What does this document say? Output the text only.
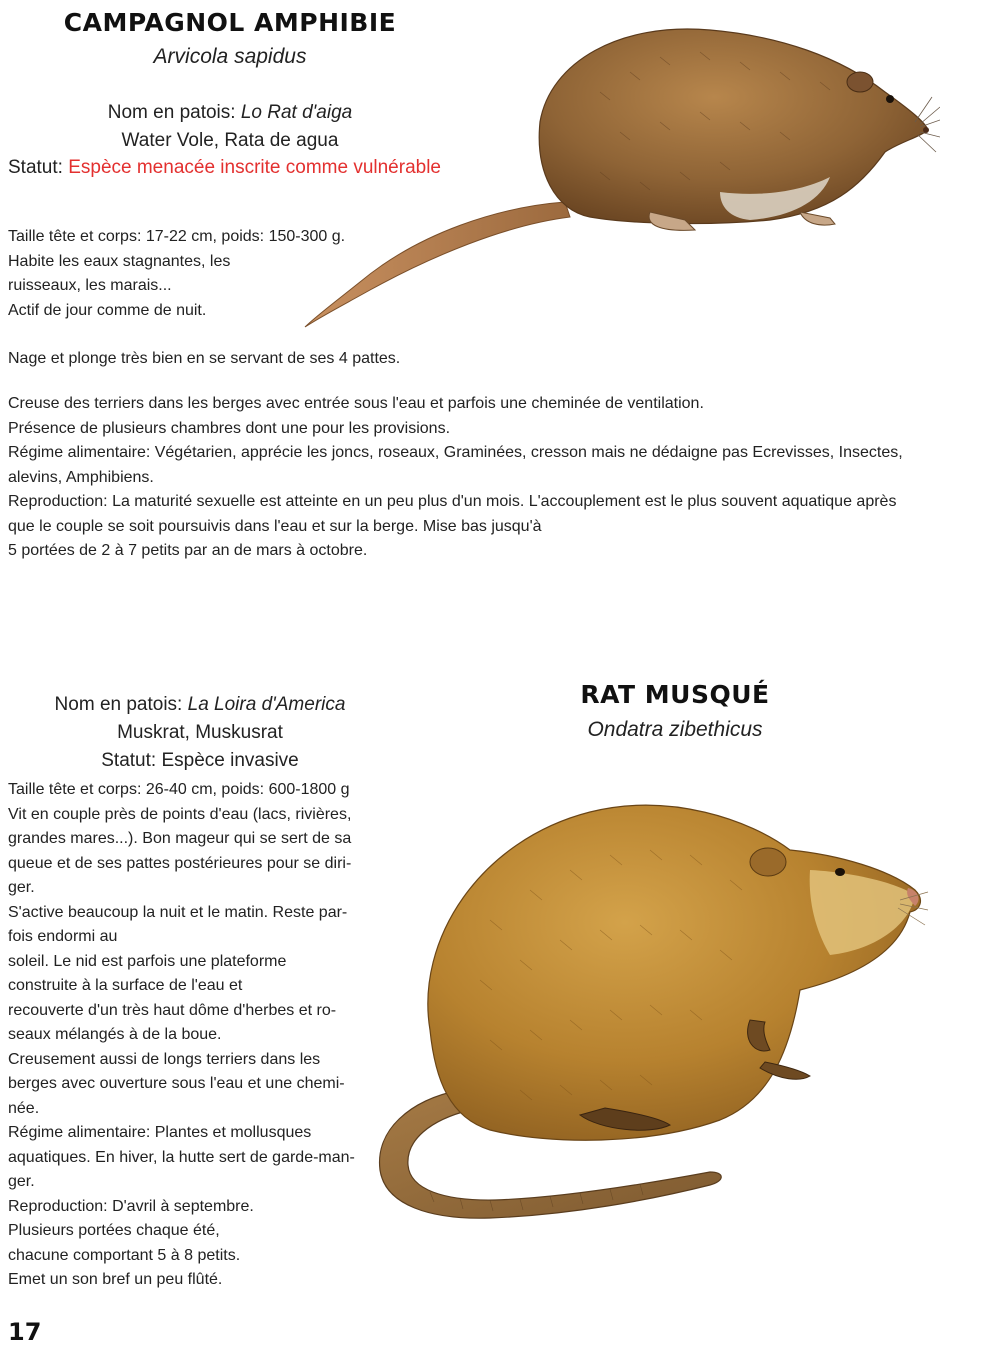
CAMPAGNOL AMPHIBIE
Arvicola sapidus
Nom en patois: Lo Rat d'aiga
Water Vole, Rata de agua
Statut: Espèce menacée inscrite comme vulnérable

Taille tête et corps: 17-22 cm, poids: 150-300 g.

Habite les eaux stagnantes, les

ruisseaux, les marais...

Actif de jour comme de nuit.

Nage et plonge très bien en se servant de ses 4 pattes.

Creuse des terriers dans les berges avec entrée sous l'eau et parfois une cheminée de ventilation.

Présence de plusieurs chambres dont une pour les provisions.

Régime alimentaire: Végétarien, apprécie les joncs, roseaux, Graminées, cresson mais ne dédaigne pas Ecrevisses, Insectes,

alevins, Amphibiens.

Reproduction: La maturité sexuelle est atteinte en un peu plus d'un mois. L'accouplement est le plus souvent aquatique après

que le couple se soit poursuivis dans l'eau et sur la berge. Mise bas jusqu'à

5 portées de 2 à 7 petits par an de mars à octobre.

RAT MUSQUÉ
Ondatra zibethicus
Nom en patois: La Loira d'America
Muskrat, Muskusrat
Statut: Espèce invasive

Taille tête et corps: 26-40 cm, poids: 600-1800 g

Vit en couple près de points d'eau (lacs, rivières,

grandes mares...). Bon mageur qui se sert de sa

queue et de ses pattes postérieures pour se diri-

ger.

S'active beaucoup la nuit et le matin. Reste par-

fois endormi au

soleil. Le nid est parfois une plateforme

construite à la surface de l'eau et

recouverte d'un très haut dôme d'herbes et ro-

seaux mélangés à de la boue.

Creusement aussi de longs terriers dans les

berges avec ouverture sous l'eau et une chemi-

née.

Régime alimentaire: Plantes et mollusques

aquatiques. En hiver, la hutte sert de garde-man-

ger.

Reproduction: D'avril à septembre.

Plusieurs portées chaque été,

chacune comportant 5 à 8 petits.

Emet un son bref un peu flûté.

17
